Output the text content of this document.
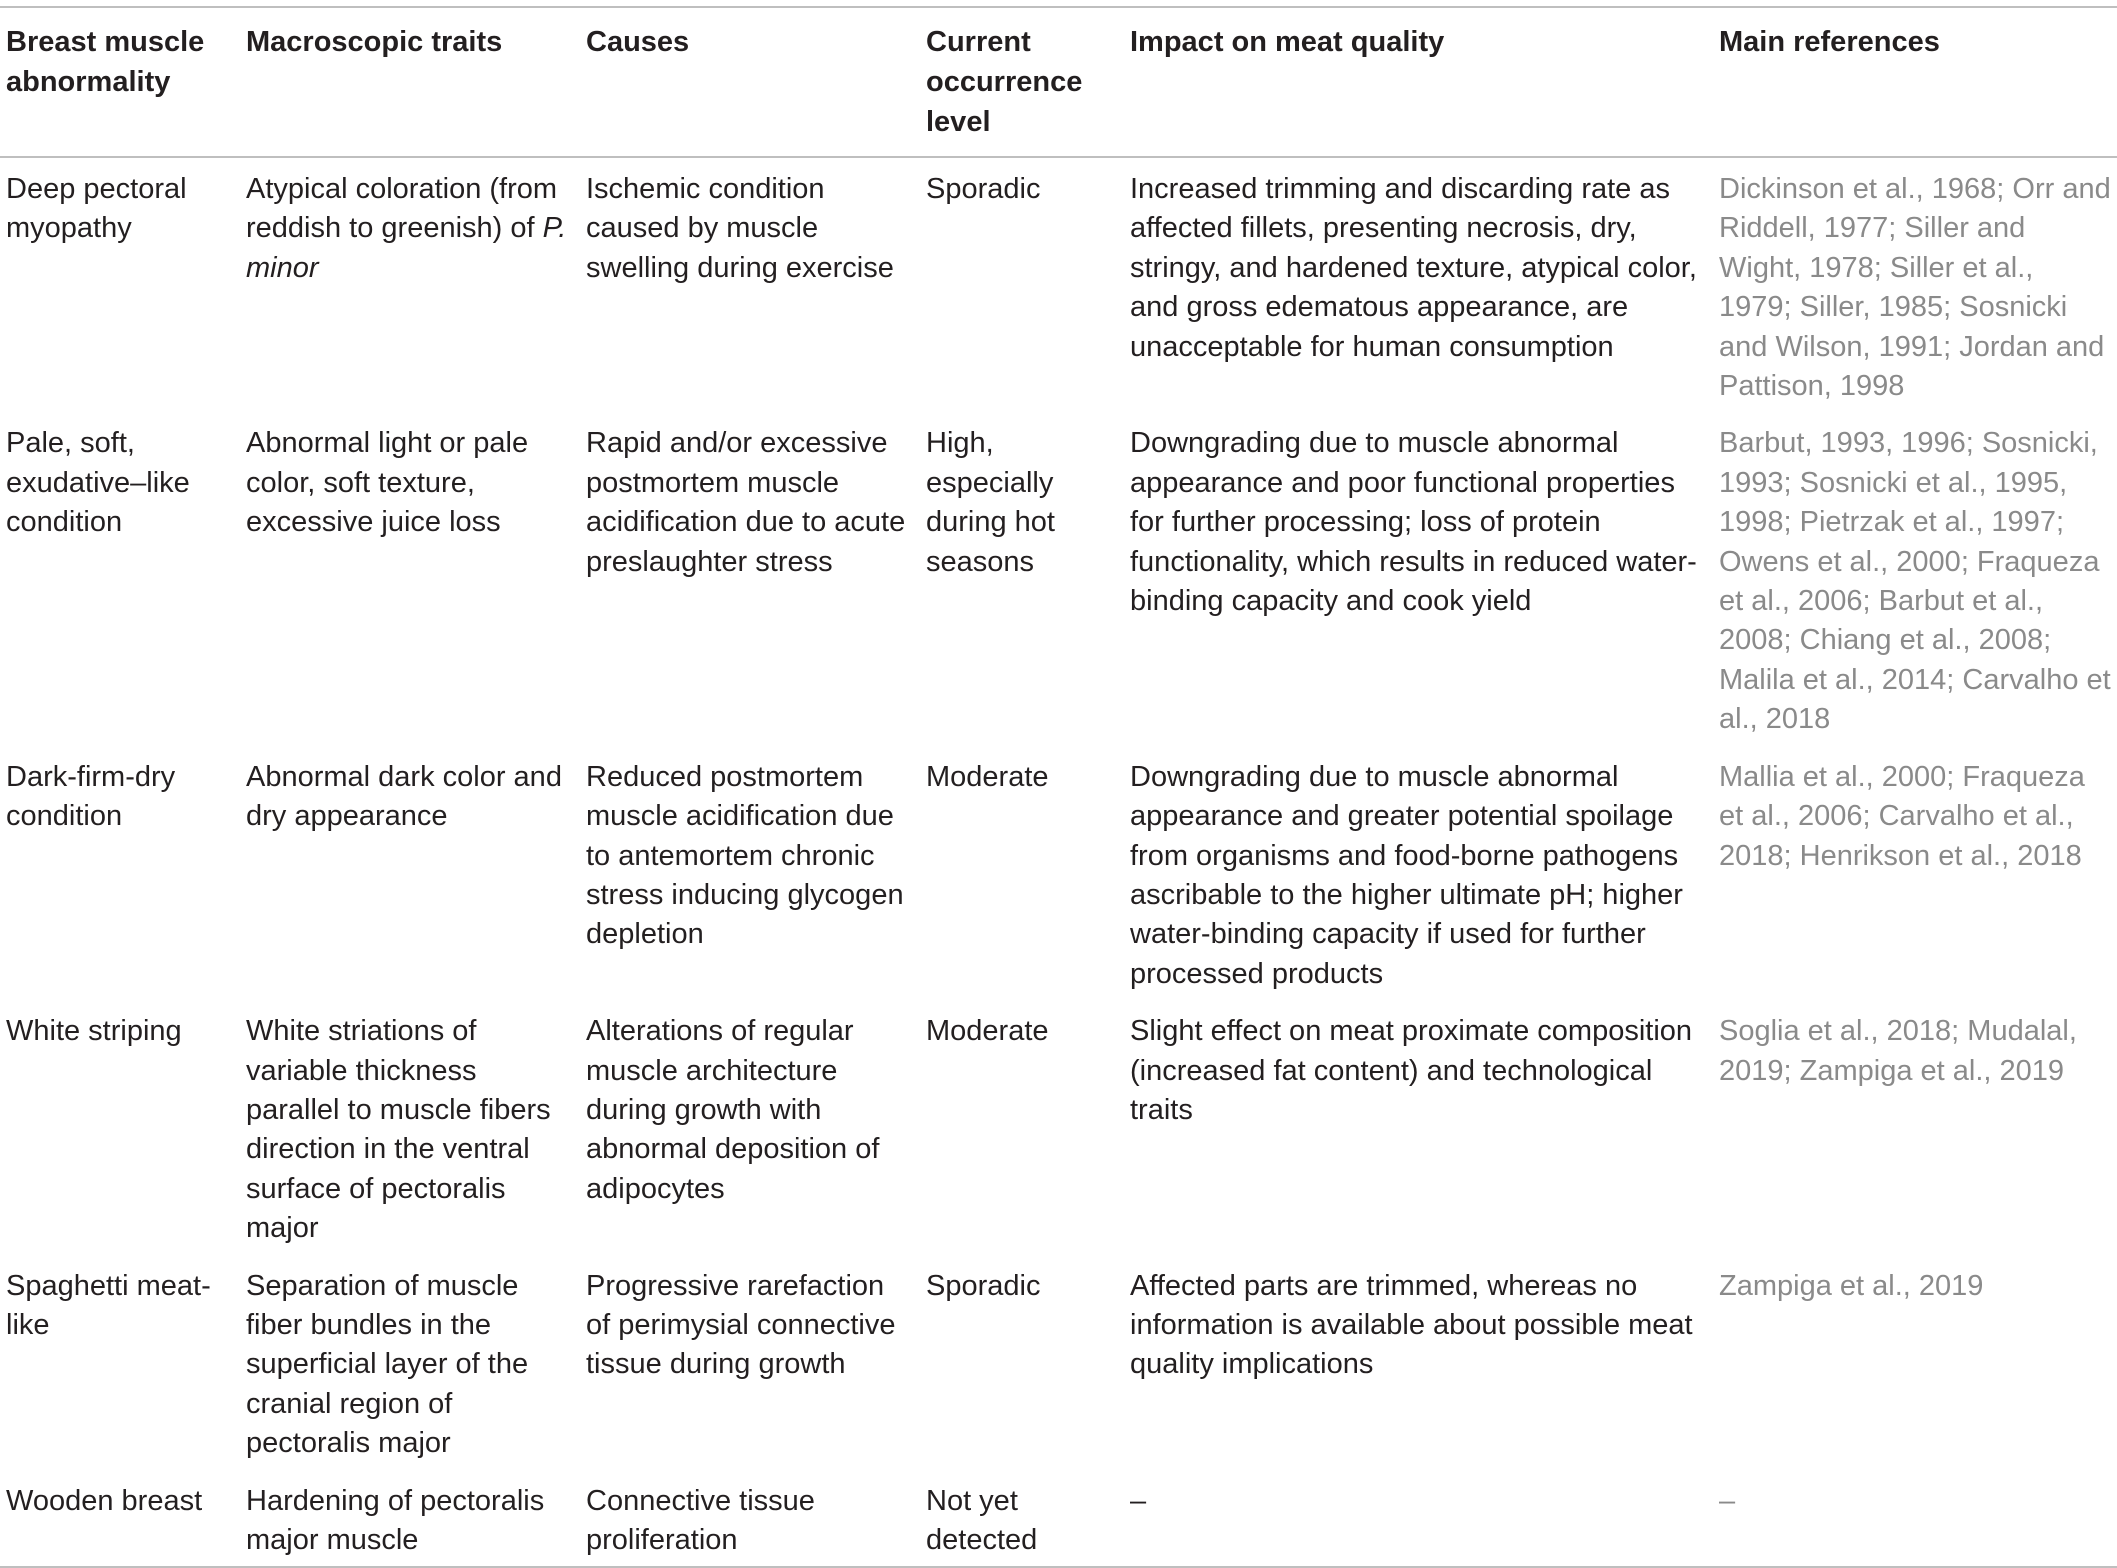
Breast muscle abnormality	Macroscopic traits	Causes	Current occurrence level	Impact on meat quality	Main references
Deep pectoral myopathy	Atypical coloration (from reddish to greenish) of P. minor	Ischemic condition caused by muscle swelling during exercise	Sporadic	Increased trimming and discarding rate as affected fillets, presenting necrosis, dry, stringy, and hardened texture, atypical color, and gross edematous appearance, are unacceptable for human consumption	Dickinson et al., 1968; Orr and Riddell, 1977; Siller and Wight, 1978; Siller et al., 1979; Siller, 1985; Sosnicki and Wilson, 1991; Jordan and Pattison, 1998
Pale, soft, exudative–like condition	Abnormal light or pale color, soft texture, excessive juice loss	Rapid and/or excessive postmortem muscle acidification due to acute preslaughter stress	High, especially during hot seasons	Downgrading due to muscle abnormal appearance and poor functional properties for further processing; loss of protein functionality, which results in reduced water-binding capacity and cook yield	Barbut, 1993, 1996; Sosnicki, 1993; Sosnicki et al., 1995, 1998; Pietrzak et al., 1997; Owens et al., 2000; Fraqueza et al., 2006; Barbut et al., 2008; Chiang et al., 2008; Malila et al., 2014; Carvalho et al., 2018
Dark-firm-dry condition	Abnormal dark color and dry appearance	Reduced postmortem muscle acidification due to antemortem chronic stress inducing glycogen depletion	Moderate	Downgrading due to muscle abnormal appearance and greater potential spoilage from organisms and food-borne pathogens ascribable to the higher ultimate pH; higher water-binding capacity if used for further processed products	Mallia et al., 2000; Fraqueza et al., 2006; Carvalho et al., 2018; Henrikson et al., 2018
White striping	White striations of variable thickness parallel to muscle fibers direction in the ventral surface of pectoralis major	Alterations of regular muscle architecture during growth with abnormal deposition of adipocytes	Moderate	Slight effect on meat proximate composition (increased fat content) and technological traits	Soglia et al., 2018; Mudalal, 2019; Zampiga et al., 2019
Spaghetti meat-like	Separation of muscle fiber bundles in the superficial layer of the cranial region of pectoralis major	Progressive rarefaction of perimysial connective tissue during growth	Sporadic	Affected parts are trimmed, whereas no information is available about possible meat quality implications	Zampiga et al., 2019
Wooden breast	Hardening of pectoralis major muscle	Connective tissue proliferation	Not yet detected	–	–
